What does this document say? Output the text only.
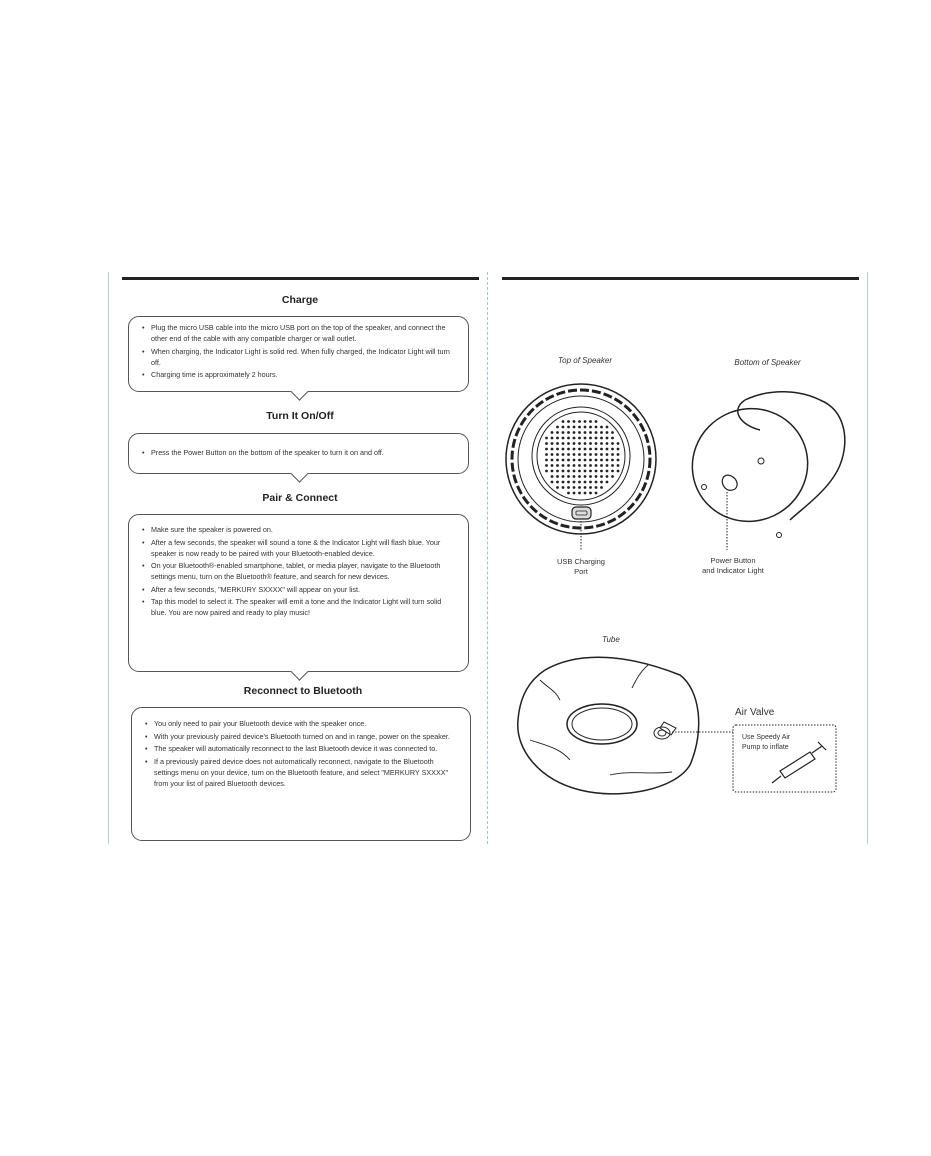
Charge
• Plug the micro USB cable into the micro USB port on the top of the speaker, and connect the other end of the cable with any compatible charger or wall outlet.
• When charging, the Indicator Light is solid red. When fully charged, the Indicator Light will turn off.
• Charging time is approximately 2 hours.
Turn It On/Off
• Press the Power Button on the bottom of the speaker to turn it on and off.
Pair & Connect
• Make sure the speaker is powered on.
• After a few seconds, the speaker will sound a tone & the Indicator Light will flash blue. Your speaker is now ready to be paired with your Bluetooth-enabled device.
• On your Bluetooth®-enabled smartphone, tablet, or media player, navigate to the Bluetooth settings menu, turn on the Bluetooth® feature, and search for new devices.
• After a few seconds, "MERKURY SXXXX" will appear on your list.
• Tap this model to select it. The speaker will emit a tone and the Indicator Light will turn solid blue. You are now paired and ready to play music!
Reconnect to Bluetooth
• You only need to pair your Bluetooth device with the speaker once.
• With your previously paired device's Bluetooth turned on and in range, power on the speaker.
• The speaker will automatically reconnect to the last Bluetooth device it was connected to.
• If a previously paired device does not automatically reconnect, navigate to the Bluetooth settings menu on your device, turn on the Bluetooth feature, and select "MERKURY SXXXX" from your list of paired Bluetooth devices.
Top of Speaker	Bottom of Speaker
USB Charging
Port
Power Button
and Indicator Light
Tube
Air Valve
Use Speedy Air
Pump to inflate
